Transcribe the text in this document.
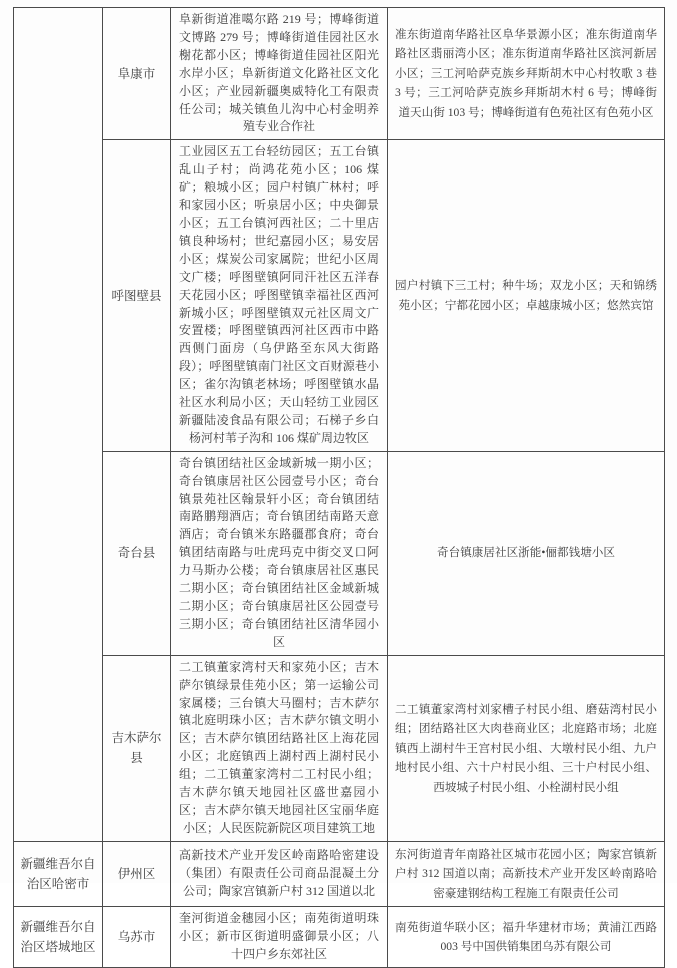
	阜康市	阜新街道准噶尔路 219 号；博峰街道文博路 279 号；博峰街道佳园社区水榭花都小区；博峰街道佳园社区阳光水岸小区；阜新街道文化路社区文化小区；产业园新疆奥威特化工有限责任公司；城关镇鱼儿沟中心村金明养殖专业合作社	准东街道南华路社区阜华景源小区；准东街道南华路社区翡丽湾小区；准东街道南华路社区滨河新居小区；三工河哈萨克族乡拜斯胡木中心村牧歌 3 巷 3 号；三工河哈萨克族乡拜斯胡木村 6 号；博峰街道天山街 103 号；博峰街道有色苑社区有色苑小区
	呼图壁县	工业园区五工台轻纺园区；五工台镇乱山子村；尚鸿花苑小区；106 煤矿；粮城小区；园户村镇广林村；呼和家园小区；听泉居小区；中央御景小区；五工台镇河西社区；二十里店镇良种场村；世纪嘉园小区；易安居小区；煤炭公司家属院；世纪小区周文广楼；呼图壁镇阿同汗社区五洋春天花园小区；呼图壁镇幸福社区西河新城小区；呼图壁镇双元社区周文广安置楼；呼图壁镇西河社区西市中路西侧门面房（乌伊路至东风大街路段）；呼图壁镇南门社区文百财源巷小区；雀尔沟镇老林场；呼图壁镇水晶社区水利局小区；天山轻纺工业园区新疆陆凌食品有限公司；石梯子乡白杨河村苇子沟和 106 煤矿周边牧区	园户村镇下三工村；种牛场；双龙小区；天和锦绣苑小区；宁都花园小区；卓越康城小区；悠然宾馆
	奇台县	奇台镇团结社区金域新城一期小区；奇台镇康居社区公园壹号小区；奇台镇景苑社区翰景轩小区；奇台镇团结南路鹏翔酒店；奇台镇团结南路天意酒店；奇台镇米东路疆郡食府；奇台镇团结南路与吐虎玛克中街交叉口阿力马斯办公楼；奇台镇康居社区惠民二期小区；奇台镇团结社区金域新城二期小区；奇台镇康居社区公园壹号三期小区；奇台镇团结社区清华园小区	奇台镇康居社区浙能•俪都钱塘小区
	吉木萨尔县	二工镇董家湾村天和家苑小区；吉木萨尔镇绿景佳苑小区；第一运输公司家属楼；三台镇大马圈村；吉木萨尔镇北庭明珠小区；吉木萨尔镇文明小区；吉木萨尔镇团结路社区上海花园小区；北庭镇西上湖村西上湖村民小组；二工镇董家湾村二工村民小组；吉木萨尔镇天地园社区盛世嘉园小区；吉木萨尔镇天地园社区宝丽华庭小区；人民医院新院区项目建筑工地	二工镇董家湾村刘家槽子村民小组、磨菇湾村民小组；团结路社区大肉巷商业区；北庭路市场；北庭镇西上湖村牛王宫村民小组、大墩村民小组、九户地村民小组、六十户村民小组、三十户村民小组、西坡城子村民小组、小栓湖村民小组
新疆维吾尔自治区哈密市	伊州区	高新技术产业开发区岭南路哈密建设（集团）有限责任公司商品混凝土分公司；陶家宫镇新户村 312 国道以北	东河街道青年南路社区城市花园小区；陶家宫镇新户村 312 国道以南；高新技术产业开发区岭南路哈密豪建钢结构工程施工有限责任公司
新疆维吾尔自治区塔城地区	乌苏市	奎河街道金穗园小区；南苑街道明珠小区；新市区街道明盛御景小区；八十四户乡东郊社区	南苑街道华联小区；福升华建材市场；黄浦江西路 003 号中国供销集团乌苏有限公司
